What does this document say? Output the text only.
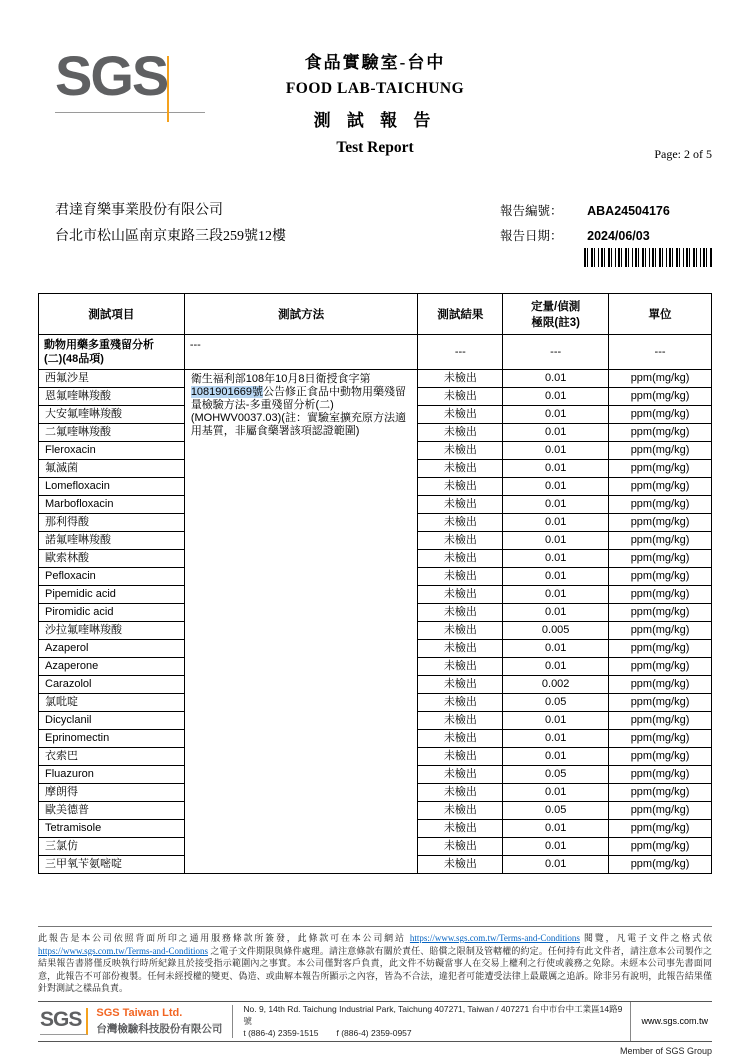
SGS	食品實驗室-台中
FOOD LAB-TAICHUNG
測 試 報 告
Test Report	Page: 2 of 5
君達育樂事業股份有限公司
台北市松山區南京東路三段259號12樓
報告編號： ABA24504176
報告日期： 2024/06/03
測試項目	測試方法	測試結果	定量/偵測
極限(註3)	單位

動物用藥多重殘留分析
(二)(48品項)	---	---	---	---
西氟沙星	衛生福利部108年10月8日衛授食字第1081901669號公告修正食品中動物用藥殘留量檢驗方法-多重殘留分析(二)(MOHWV0037.03)(註：實驗室擴充原方法適用基質，非屬食藥署該項認證範圍)	未檢出	0.01	ppm(mg/kg)
恩氟喹啉羧酸		未檢出	0.01	ppm(mg/kg)
大安氟喹啉羧酸		未檢出	0.01	ppm(mg/kg)
二氟喹啉羧酸		未檢出	0.01	ppm(mg/kg)
Fleroxacin		未檢出	0.01	ppm(mg/kg)
氟滅菌		未檢出	0.01	ppm(mg/kg)
Lomefloxacin		未檢出	0.01	ppm(mg/kg)
Marbofloxacin		未檢出	0.01	ppm(mg/kg)
那利得酸		未檢出	0.01	ppm(mg/kg)
諾氟喹啉羧酸		未檢出	0.01	ppm(mg/kg)
歐索林酸		未檢出	0.01	ppm(mg/kg)
Pefloxacin		未檢出	0.01	ppm(mg/kg)
Pipemidic acid		未檢出	0.01	ppm(mg/kg)
Piromidic acid		未檢出	0.01	ppm(mg/kg)
沙拉氟喹啉羧酸		未檢出	0.005	ppm(mg/kg)
Azaperol		未檢出	0.01	ppm(mg/kg)
Azaperone		未檢出	0.01	ppm(mg/kg)
Carazolol		未檢出	0.002	ppm(mg/kg)
氯吡啶		未檢出	0.05	ppm(mg/kg)
Dicyclanil		未檢出	0.01	ppm(mg/kg)
Eprinomectin		未檢出	0.01	ppm(mg/kg)
衣索巴		未檢出	0.01	ppm(mg/kg)
Fluazuron		未檢出	0.05	ppm(mg/kg)
摩朗得		未檢出	0.01	ppm(mg/kg)
歐美德普		未檢出	0.05	ppm(mg/kg)
Tetramisole		未檢出	0.01	ppm(mg/kg)
三氯仿		未檢出	0.01	ppm(mg/kg)
三甲氧苄氨嘧啶		未檢出	0.01	ppm(mg/kg)
此報告是本公司依照背面所印之通用服務條款所簽發，此條款可在本公司網站 https://www.sgs.com.tw/Terms-and-Conditions 閱覽，凡電子文件之格式依 https://www.sgs.com.tw/Terms-and-Conditions 之電子文件期限與條件處理。請注意條款有關於責任、賠償之限制及管轄權的約定。任何持有此文件者，請注意本公司製作之結果報告書將僅反映執行時所紀錄且於接受指示範圍內之事實。本公司僅對客戶負責，此文件不妨礙當事人在交易上權利之行使或義務之免除。未經本公司事先書面同意，此報告不可部份複製。任何未經授權的變更、偽造、或曲解本報告所顯示之內容，皆為不合法，違犯者可能遭受法律上最嚴厲之追訴。除非另有說明，此報告結果僅針對測試之樣品負責。
SGS	SGS Taiwan Ltd.
台灣檢驗科技股份有限公司
No. 9, 14th Rd. Taichung Industrial Park, Taichung 407271, Taiwan / 407271 台中市台中工業區14路9號
t (886-4) 2359-1515 f (886-4) 2359-0957
www.sgs.com.tw
Member of SGS Group
